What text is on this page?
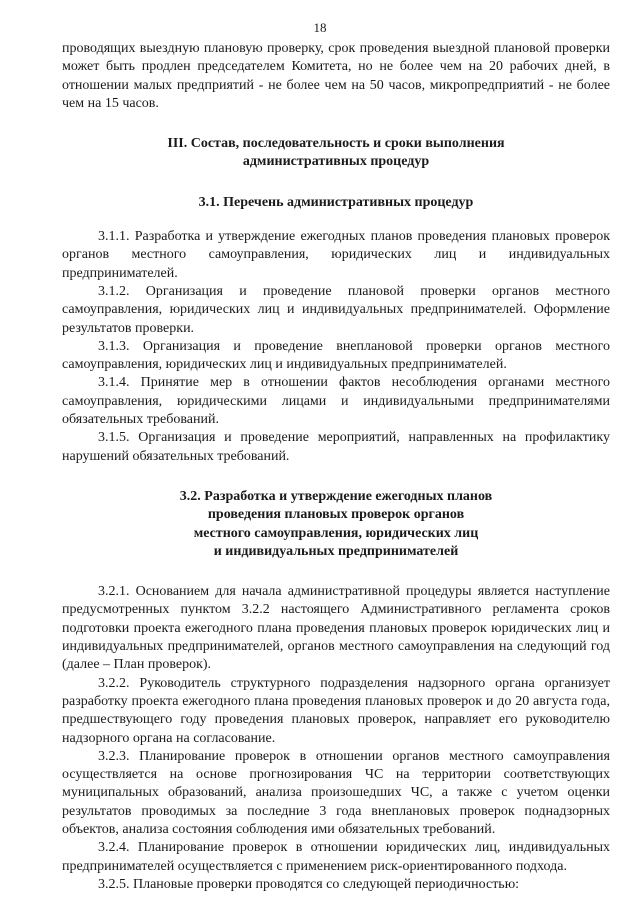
18

проводящих выездную плановую проверку, срок проведения выездной плановой проверки может быть продлен председателем Комитета, но не более чем на 20 рабочих дней, в отношении малых предприятий - не более чем на 50 часов, микропредприятий - не более чем на 15 часов.

III. Состав, последовательность и сроки выполнения

административных процедур

3.1. Перечень административных процедур

3.1.1. Разработка и утверждение ежегодных планов проведения плановых проверок органов местного самоуправления, юридических лиц и индивидуальных предпринимателей.

3.1.2. Организация и проведение плановой проверки органов местного самоуправления, юридических лиц и индивидуальных предпринимателей. Оформление результатов проверки.

3.1.3. Организация и проведение внеплановой проверки органов местного самоуправления, юридических лиц и индивидуальных предпринимателей.

3.1.4. Принятие мер в отношении фактов несоблюдения органами местного самоуправления, юридическими лицами и индивидуальными предпринимателями обязательных требований.

3.1.5. Организация и проведение мероприятий, направленных на профилактику нарушений обязательных требований.

3.2. Разработка и утверждение ежегодных планов

проведения плановых проверок органов

местного самоуправления, юридических лиц

и индивидуальных предпринимателей

3.2.1. Основанием для начала административной процедуры является наступление предусмотренных пунктом 3.2.2 настоящего Административного регламента сроков подготовки проекта ежегодного плана проведения плановых проверок юридических лиц и индивидуальных предпринимателей, органов местного самоуправления на следующий год (далее – План проверок).

3.2.2. Руководитель структурного подразделения надзорного органа организует разработку проекта ежегодного плана проведения плановых проверок и до 20 августа года, предшествующего году проведения плановых проверок, направляет его руководителю надзорного органа на согласование.

3.2.3. Планирование проверок в отношении органов местного самоуправления осуществляется на основе прогнозирования ЧС на территории соответствующих муниципальных образований, анализа произошедших ЧС, а также с учетом оценки результатов проводимых за последние 3 года внеплановых проверок поднадзорных объектов, анализа состояния соблюдения ими обязательных требований.

3.2.4. Планирование проверок в отношении юридических лиц, индивидуальных предпринимателей осуществляется с применением риск-ориентированного подхода.

3.2.5. Плановые проверки проводятся со следующей периодичностью:
